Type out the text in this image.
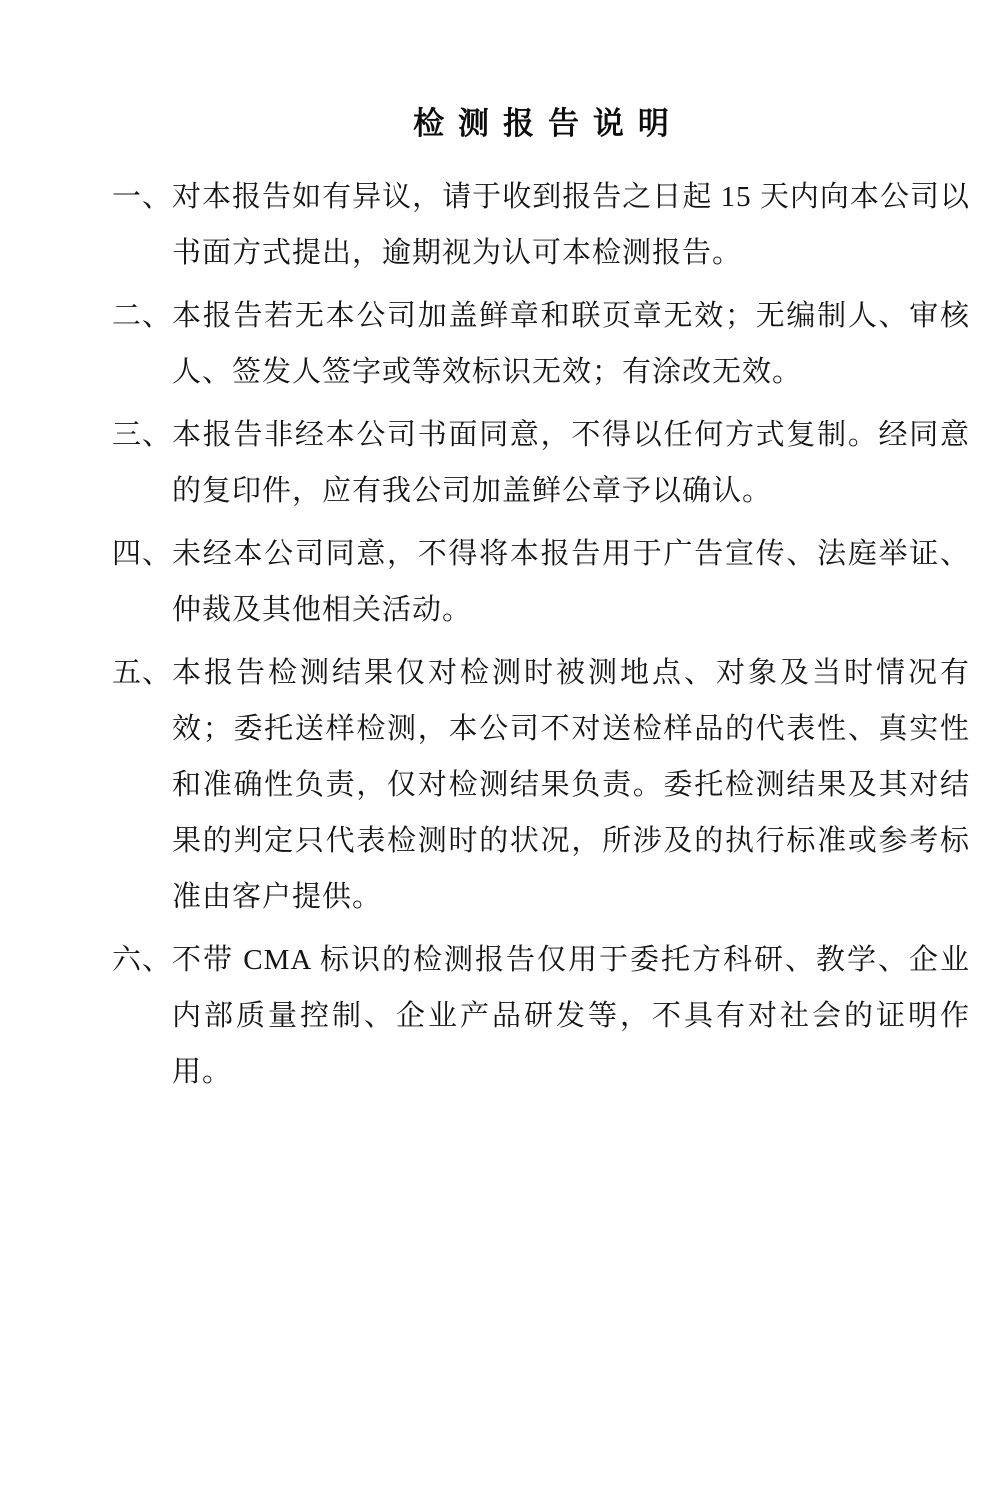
检测报告说明
一、 对本报告如有异议，请于收到报告之日起 15 天内向本公司以书面方式提出，逾期视为认可本检测报告。
二、 本报告若无本公司加盖鲜章和联页章无效；无编制人、审核人、签发人签字或等效标识无效；有涂改无效。
三、 本报告非经本公司书面同意，不得以任何方式复制。经同意的复印件，应有我公司加盖鲜公章予以确认。
四、 未经本公司同意，不得将本报告用于广告宣传、法庭举证、仲裁及其他相关活动。
五、 本报告检测结果仅对检测时被测地点、对象及当时情况有效；委托送样检测，本公司不对送检样品的代表性、真实性和准确性负责，仅对检测结果负责。委托检测结果及其对结果的判定只代表检测时的状况，所涉及的执行标准或参考标准由客户提供。
六、 不带 CMA 标识的检测报告仅用于委托方科研、教学、企业内部质量控制、企业产品研发等，不具有对社会的证明作用。
